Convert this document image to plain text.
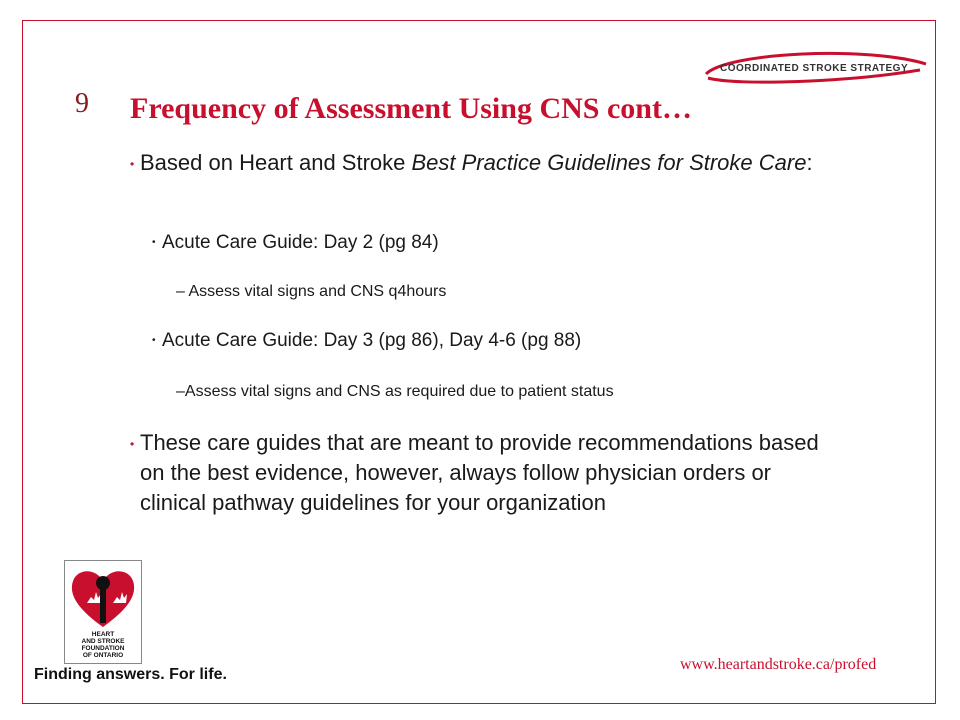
COORDINATED STROKE STRATEGY
9 Frequency of Assessment Using CNS cont…
• Based on Heart and Stroke Best Practice Guidelines for Stroke Care:
• Acute Care Guide: Day 2 (pg 84)
– Assess vital signs and CNS q4hours
• Acute Care Guide: Day 3 (pg 86), Day 4-6 (pg 88)
–Assess vital signs and CNS as required due to patient status
• These care guides that are meant to provide recommendations based on the best evidence, however, always follow physician orders or clinical pathway guidelines for your organization
HEART
AND STROKE
FOUNDATION
OF ONTARIO
Finding answers. For life.
www.heartandstroke.ca/profed
